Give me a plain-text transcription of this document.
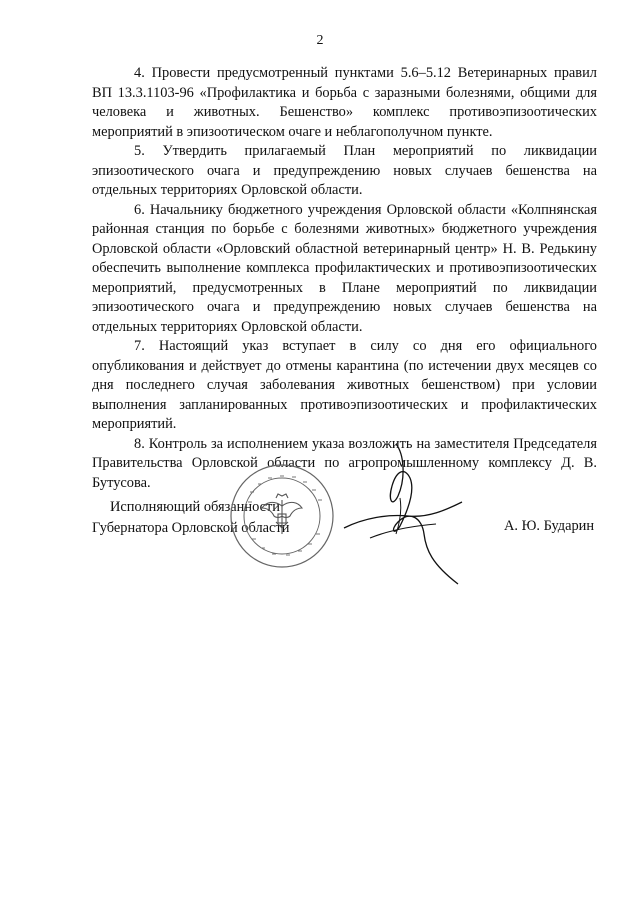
2

4. Провести предусмотренный пунктами 5.6–5.12 Ветеринарных правил ВП 13.3.1103-96 «Профилактика и борьба с заразными болезнями, общими для человека и животных. Бешенство» комплекс противоэпизоотических мероприятий в эпизоотическом очаге и неблагополучном пункте.

5. Утвердить прилагаемый План мероприятий по ликвидации эпизоотического очага и предупреждению новых случаев бешенства на отдельных территориях Орловской области.

6. Начальнику бюджетного учреждения Орловской области «Колпнянская районная станция по борьбе с болезнями животных» бюджетного учреждения Орловской области «Орловский областной ветеринарный центр» Н. В. Редькину обеспечить выполнение комплекса профилактических и противоэпизоотических мероприятий, предусмотренных в Плане мероприятий по ликвидации эпизоотического очага и предупреждению новых случаев бешенства на отдельных территориях Орловской области.

7. Настоящий указ вступает в силу со дня его официального опубликования и действует до отмены карантина (по истечении двух месяцев со дня последнего случая заболевания животных бешенством) при условии выполнения запланированных противоэпизоотических и профилактических мероприятий.

8. Контроль за исполнением указа возложить на заместителя Председателя Правительства Орловской области по агропромышленному комплексу Д. В. Бутусова.

Исполняющий обязанности
Губернатора Орловской области	А. Ю. Бударин
